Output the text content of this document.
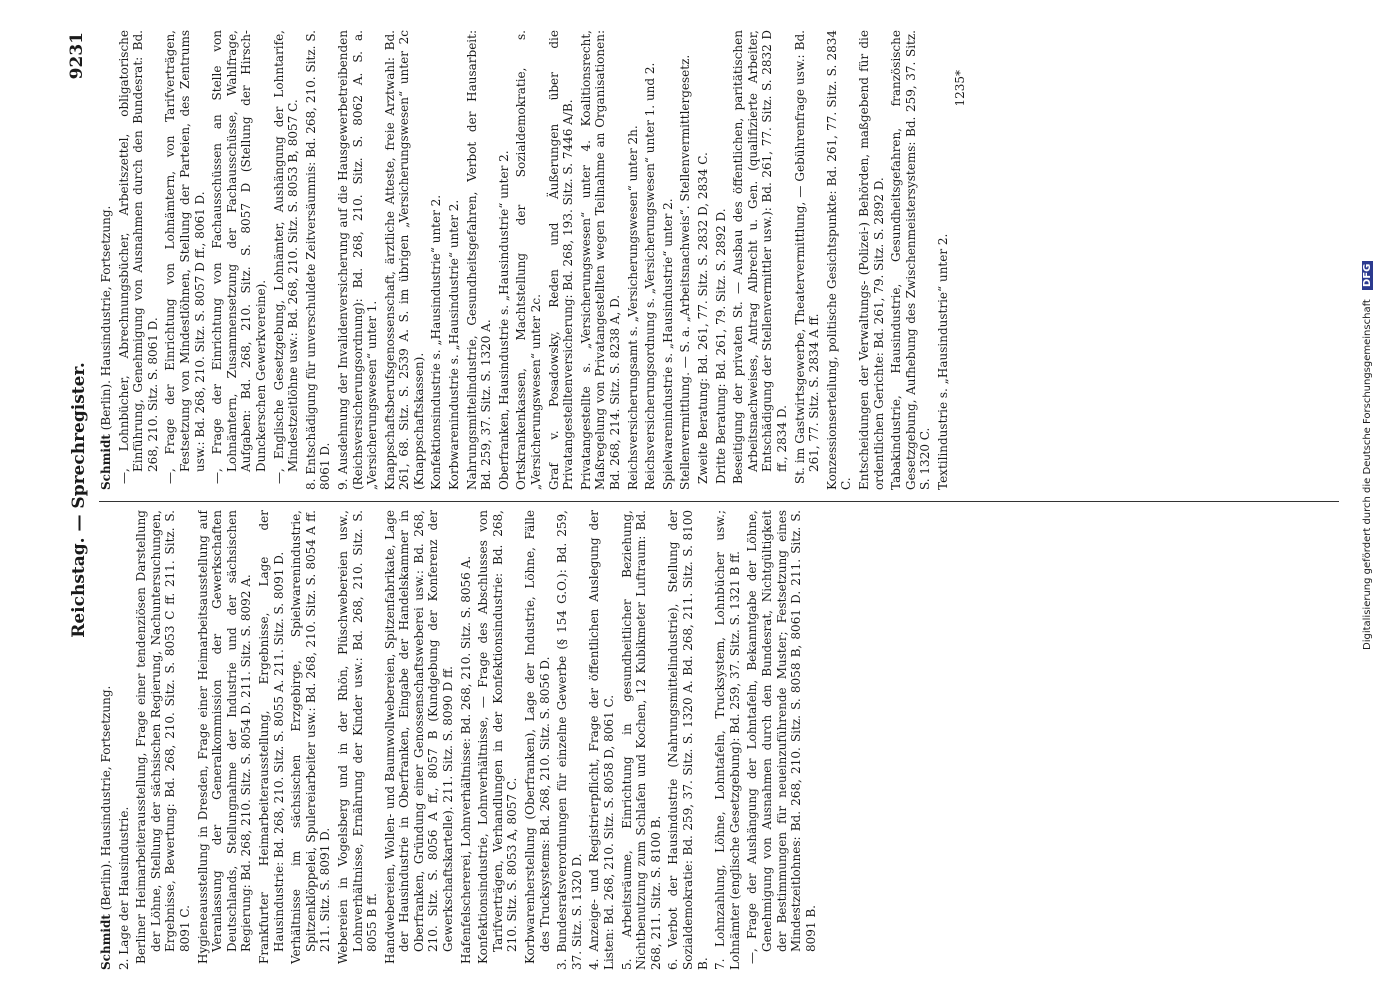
Reichstag. — Sprechregister.
9231
Schmidt (Berlin). Hausindustrie, Fortsetzung. 2. Lage der Hausindustrie. Berliner Heimarbeiterausstellung, Frage einer tendenziösen Darstellung der Löhne, Stellung der sächsischen Regierung, Nachuntersuchungen, Ergebnisse, Bewertung: Bd. 268, 210. Sitz. S. 8053 C ff. 211. Sitz. S. 8091 C. Hygieneausstellung in Dresden, Frage einer Heimarbeitsausstellung auf Veranlassung der Generalkommission der Gewerkschaften Deutschlands, Stellungnahme der Industrie und der sächsischen Regierung: Bd. 268, 210. Sitz. S. 8054 D. 211. Sitz. S. 8092 A. Frankfurter Heimarbeiterausstellung, Ergebnisse, Lage der Hausindustrie: Bd. 268, 210. Sitz. S. 8055 A. 211. Sitz. S. 8091 D. Verhältnisse im sächsischen Erzgebirge, Spielwarenindustrie, Spitzenklöppelei, Spulereiarbeiter usw.: Bd. 268, 210. Sitz. S. 8054 A ff. 211. Sitz. S. 8091 D. Webereien in Vogelsberg und in der Rhön, Plüschwebereien usw., Lohnverhältnisse, Ernährung der Kinder usw.: Bd. 268, 210. Sitz. S. 8055 B ff. Handwebereien, Wollen- und Baumwollwebereien, Spitzenfabrikate, Lage der Hausindustrie in Oberfranken, Eingabe der Handelskammer in Oberfranken, Gründung einer Genossenschaftsweberei usw.: Bd. 268, 210. Sitz. S. 8056 A ff., 8057 B (Kundgebung der Konferenz der Gewerkschaftskartelle). 211. Sitz. S. 8090 D ff. Hafenfelschererei, Lohnverhältnisse: Bd. 268, 210. Sitz. S. 8056 A. Konfektionsindustrie, Lohnverhältnisse, — Frage des Abschlusses von Tarifverträgen, Verhandlungen in der Konfektionsindustrie: Bd. 268, 210. Sitz. S. 8053 A, 8057 C. Korbwarenherstellung (Oberfranken), Lage der Industrie, Löhne, Fälle des Trucksystems: Bd. 268, 210. Sitz. S. 8056 D. 3. Bundesratsverordnungen für einzelne Gewerbe (§ 154 G.O.): Bd. 259, 37. Sitz. S. 1320 D. 4. Anzeige- und Registrierpflicht, Frage der öffentlichen Auslegung der Listen: Bd. 268, 210. Sitz. S. 8058 D, 8061 C. 5. Arbeitsräume, Einrichtung in gesundheitlicher Beziehung, Nichtbenutzung zum Schlafen und Kochen, 12 Kubikmeter Luftraum: Bd. 268, 211. Sitz. S. 8100 B. 6. Verbot der Hausindustrie (Nahrungsmittelindustrie), Stellung der Sozialdemokratie: Bd. 259, 37. Sitz. S. 1320 A. Bd. 268, 211. Sitz. S. 8100 B. 7. Lohnzahlung, Löhne, Lohntafeln, Trucksystem, Lohnbücher usw.; Lohnämter (englische Gesetzgebung): Bd. 259, 37. Sitz. S. 1321 B ff. —, Frage der Aushängung der Lohntafeln, Bekanntgabe der Löhne, Genehmigung von Ausnahmen durch den Bundesrat, Nichtgültigkeit der Bestimmungen für neueinzuführende Muster; Festsetzung eines Mindestzeitlohnes: Bd. 268, 210. Sitz. S. 8058 B, 8061 D. 211. Sitz. S. 8091 B.
Schmidt (Berlin). Hausindustrie, Fortsetzung. —, Lohnbücher, Abrechnungsbücher, Arbeitszettel, obligatorische Einführung, Genehmigung von Ausnahmen durch den Bundesrat: Bd. 268, 210. Sitz. S. 8061 D. —, Frage der Einrichtung von Lohnämtern, von Tarifverträgen, Festsetzung von Mindestlöhnen, Stellung der Parteien, des Zentrums usw.: Bd. 268, 210. Sitz. S. 8057 D ff., 8061 D. —, Frage der Einrichtung von Fachausschüssen an Stelle von Lohnämtern, Zusammensetzung der Fachausschüsse, Wahlfrage, Aufgaben: Bd. 268, 210. Sitz. S. 8057 D (Stellung der Hirsch-Dunckerschen Gewerkvereine). —, Englische Gesetzgebung, Lohnämter, Aushängung der Lohntarife, Mindestzeitlöhne usw.: Bd. 268, 210. Sitz. S. 8053 B, 8057 C. 8. Entschädigung für unverschuldete Zeitversäumnis: Bd. 268, 210. Sitz. S. 8061 D. 9. Ausdehnung der Invalidenversicherung auf die Hausgewerbetreibenden (Reichsversicherungsordnung): Bd. 268, 210. Sitz. S. 8062 A. S. a. „Versicherungswesen“ unter 1. Knappschaftsberufsgenossenschaft, ärztliche Atteste, freie Arztwahl: Bd. 261, 68. Sitz. S. 2539 A. S. im übrigen „Versicherungswesen“ unter 2c (Knappschaftskassen). Konfektionsindustrie s. „Hausindustrie“ unter 2. Korbwarenindustrie s. „Hausindustrie“ unter 2. Nahrungsmittelindustrie, Gesundheitsgefahren, Verbot der Hausarbeit: Bd. 259, 37. Sitz. S. 1320 A. Oberfranken, Hausindustrie s. „Hausindustrie“ unter 2. Ortskrankenkassen, Machtstellung der Sozialdemokratie, s. „Versicherungswesen“ unter 2c. Graf v. Posadowsky, Reden und Äußerungen über die Privatangestelltenversicherung: Bd. 268, 193. Sitz. S. 7446 A/B. Privatangestellte s. „Versicherungswesen“ unter 4. Koalitionsrecht, Maßregelung von Privatangestellten wegen Teilnahme an Organisationen: Bd. 268, 214. Sitz. S. 8238 A, D. Reichsversicherungsamt s. „Versicherungswesen“ unter 2h. Reichsversicherungsordnung s. „Versicherungswesen“ unter 1. und 2. Spielwarenindustrie s. „Hausindustrie“ unter 2. Stellenvermittlung. — S. a. „Arbeitsnachweis“. Stellenvermittlergesetz. Zweite Beratung: Bd. 261, 77. Sitz. S. 2832 D, 2834 C. Dritte Beratung: Bd. 261, 79. Sitz. S. 2892 D. Beseitigung der privaten St. — Ausbau des öffentlichen, paritätischen Arbeitsnachweises, Antrag Albrecht u. Gen. (qualifizierte Arbeiter, Entschädigung der Stellenvermittler usw.): Bd. 261, 77. Sitz. S. 2832 D ff., 2834 D. St. im Gastwirtsgewerbe, Theatervermittlung, — Gebührenfrage usw.: Bd. 261, 77. Sitz. S. 2834 A ff. Konzessionserteilung, politische Gesichtspunkte: Bd. 261, 77. Sitz. S. 2834 C. Entscheidungen der Verwaltungs- (Polizei-) Behörden, maßgebend für die ordentlichen Gerichte: Bd. 261, 79. Sitz. S. 2892 D. Tabakindustrie, Hausindustrie, Gesundheitsgefahren, französische Gesetzgebung, Aufhebung des Zwischenmeistersystems: Bd. 259, 37. Sitz. S. 1320 C. Textilindustrie s. „Hausindustrie“ unter 2.
1235*
Digitalisierung gefördert durch die Deutsche Forschungsgemeinschaft DFG
